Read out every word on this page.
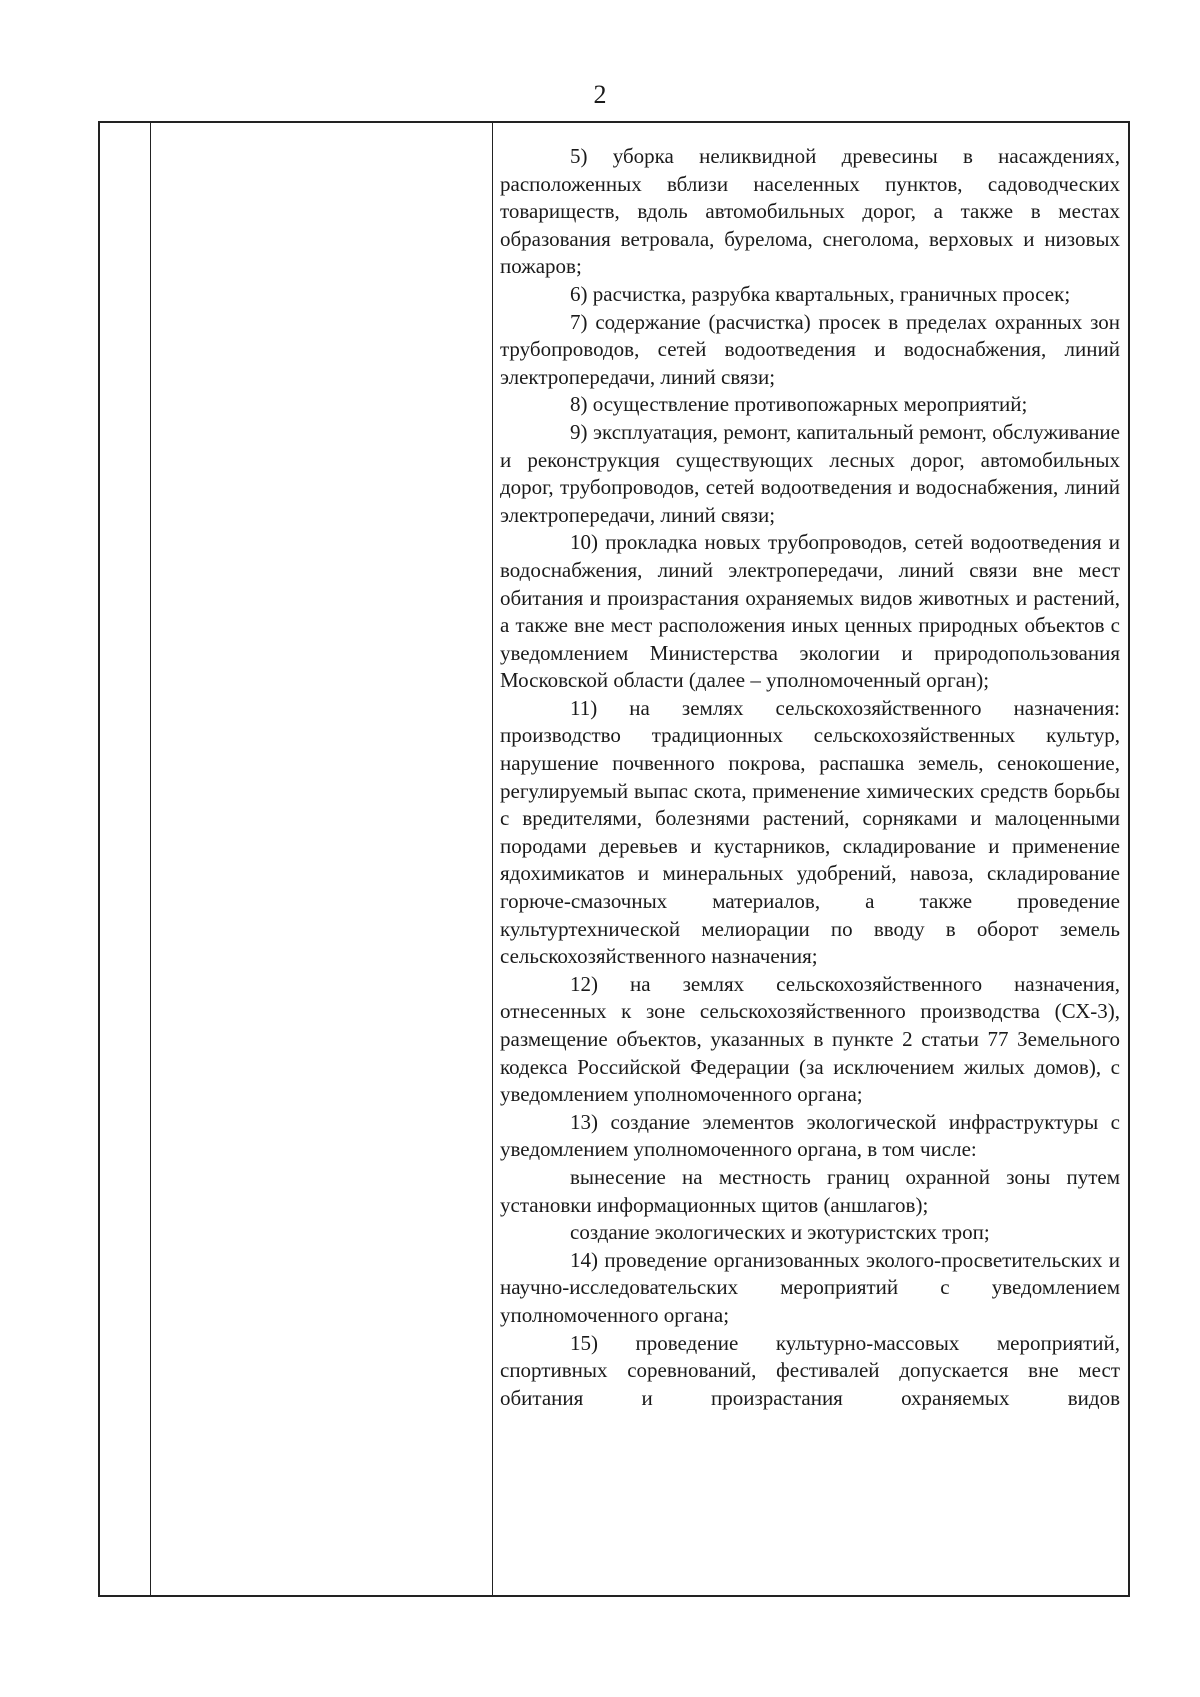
2

5) уборка неликвидной древесины в насаждениях, расположенных вблизи населенных пунктов, садоводческих товариществ, вдоль автомобильных дорог, а также в местах образования ветровала, бурелома, снеголома, верховых и низовых пожаров;

6) расчистка, разрубка квартальных, граничных просек;

7) содержание (расчистка) просек в пределах охранных зон трубопроводов, сетей водоотведения и водоснабжения, линий электропередачи, линий связи;

8) осуществление противопожарных мероприятий;

9) эксплуатация, ремонт, капитальный ремонт, обслуживание и реконструкция существующих лесных дорог, автомобильных дорог, трубопроводов, сетей водоотведения и водоснабжения, линий электропередачи, линий связи;

10) прокладка новых трубопроводов, сетей водоотведения и водоснабжения, линий электропередачи, линий связи вне мест обитания и произрастания охраняемых видов животных и растений, а также вне мест расположения иных ценных природных объектов с уведомлением Министерства экологии и природопользования Московской области (далее – уполномоченный орган);

11) на землях сельскохозяйственного назначения: производство традиционных сельскохозяйственных культур, нарушение почвенного покрова, распашка земель, сенокошение, регулируемый выпас скота, применение химических средств борьбы с вредителями, болезнями растений, сорняками и малоценными породами деревьев и кустарников, складирование и применение ядохимикатов и минеральных удобрений, навоза, складирование горюче-смазочных материалов, а также проведение культуртехнической мелиорации по вводу в оборот земель сельскохозяйственного назначения;

12) на землях сельскохозяйственного назначения, отнесенных к зоне сельскохозяйственного производства (СХ-3), размещение объектов, указанных в пункте 2 статьи 77 Земельного кодекса Российской Федерации (за исключением жилых домов), с уведомлением уполномоченного органа;

13) создание элементов экологической инфраструктуры с уведомлением уполномоченного органа, в том числе:

вынесение на местность границ охранной зоны путем установки информационных щитов (аншлагов);

создание экологических и экотуристских троп;

14) проведение организованных эколого-просветительских и научно-исследовательских мероприятий с уведомлением уполномоченного органа;

15) проведение культурно-массовых мероприятий, спортивных соревнований, фестивалей допускается вне мест обитания и произрастания охраняемых видов
